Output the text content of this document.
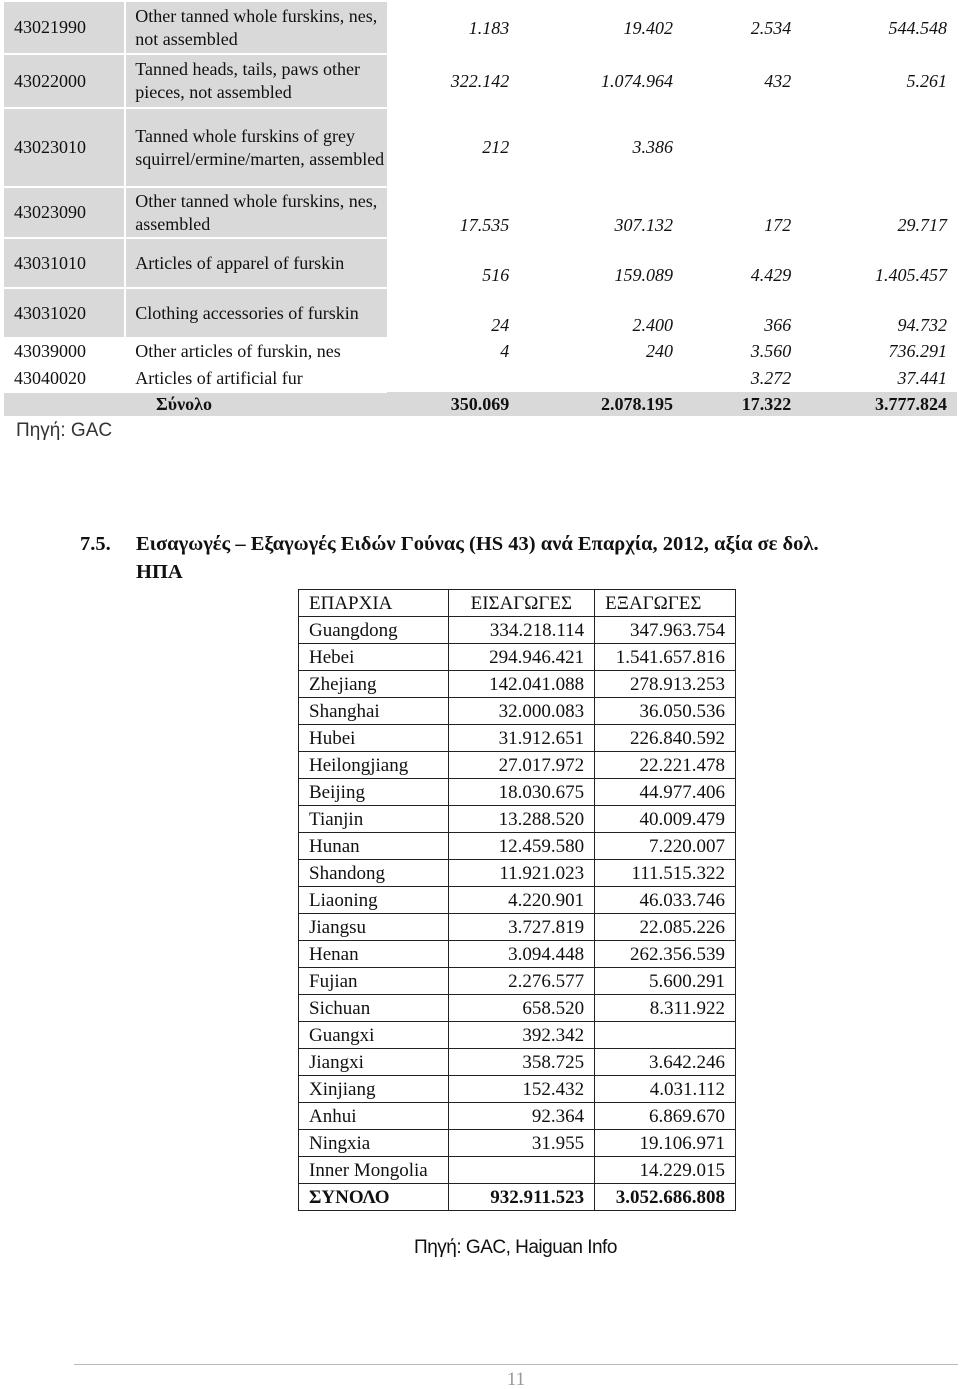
43021990	Other tanned whole furskins, nes, not assembled	1.183	19.402	2.534	544.548
43022000	Tanned heads, tails, paws other pieces, not assembled	322.142	1.074.964	432	5.261
43023010	Tanned whole furskins of grey squirrel/ermine/marten, assembled	212	3.386		
43023090	Other tanned whole furskins, nes, assembled	17.535	307.132	172	29.717
43031010	Articles of apparel of furskin	516	159.089	4.429	1.405.457
43031020	Clothing accessories of furskin	24	2.400	366	94.732
43039000	Other articles of furskin, nes	4	240	3.560	736.291
43040020	Articles of artificial fur			3.272	37.441
Σύνολο		350.069	2.078.195	17.322	3.777.824
Πηγή: GAC
7.5. Εισαγωγές – Εξαγωγές Ειδών Γούνας (HS 43) ανά Επαρχία, 2012, αξία σε δολ.
ΗΠΑ
ΕΠΑΡΧΙΑ	ΕΙΣΑΓΩΓΕΣ	ΕΞΑΓΩΓΕΣ
Guangdong	334.218.114	347.963.754
Hebei	294.946.421	1.541.657.816
Zhejiang	142.041.088	278.913.253
Shanghai	32.000.083	36.050.536
Hubei	31.912.651	226.840.592
Heilongjiang	27.017.972	22.221.478
Beijing	18.030.675	44.977.406
Tianjin	13.288.520	40.009.479
Hunan	12.459.580	7.220.007
Shandong	11.921.023	111.515.322
Liaoning	4.220.901	46.033.746
Jiangsu	3.727.819	22.085.226
Henan	3.094.448	262.356.539
Fujian	2.276.577	5.600.291
Sichuan	658.520	8.311.922
Guangxi	392.342	
Jiangxi	358.725	3.642.246
Xinjiang	152.432	4.031.112
Anhui	92.364	6.869.670
Ningxia	31.955	19.106.971
Inner Mongolia		14.229.015
ΣΥΝΟΛΟ	932.911.523	3.052.686.808
Πηγή: GAC, Haiguan Info
11
